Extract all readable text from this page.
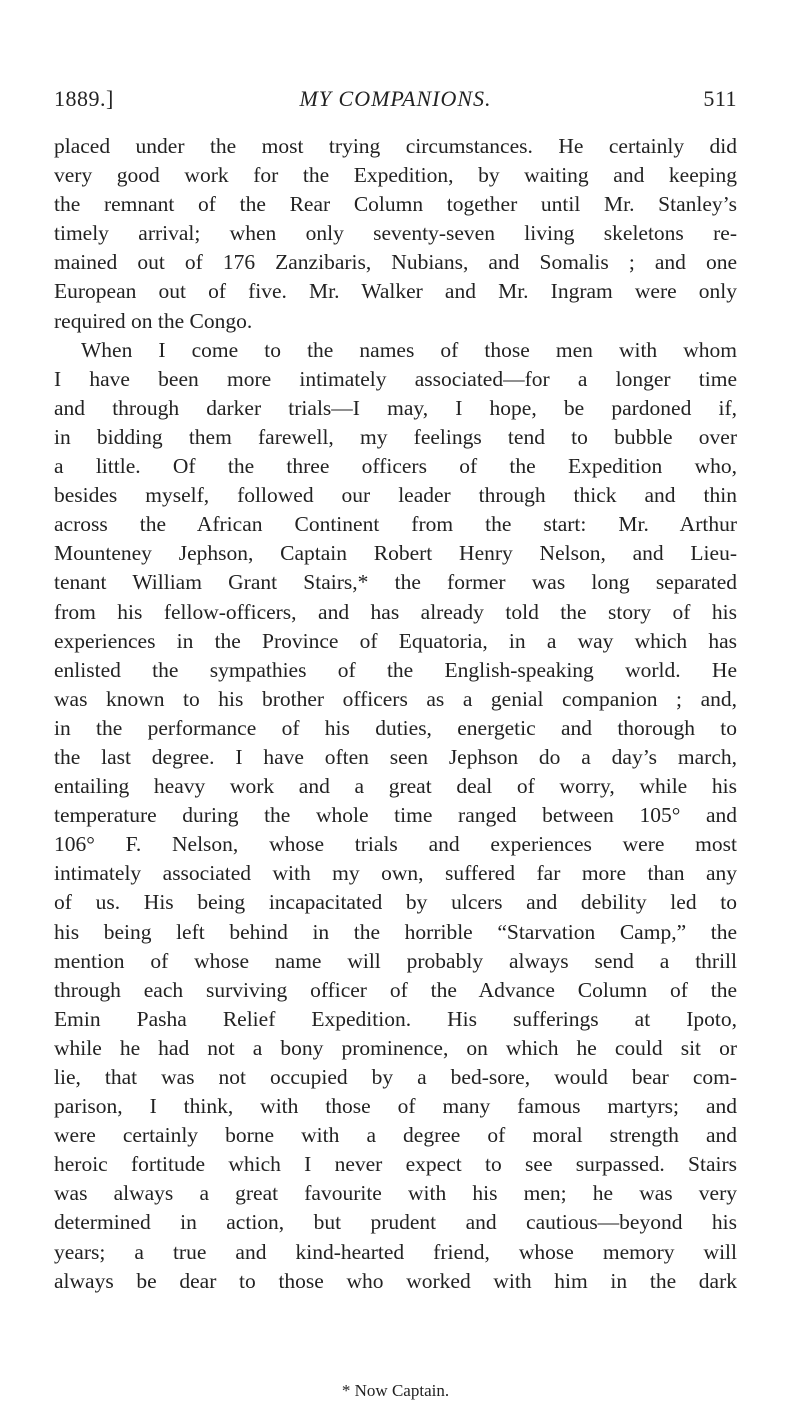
1889.]	MY COMPANIONS.	511
placed under the most trying circumstances. He certainly did
very good work for the Expedition, by waiting and keeping
the remnant of the Rear Column together until Mr. Stanley’s
timely arrival; when only seventy-seven living skeletons re-
mained out of 176 Zanzibaris, Nubians, and Somalis ; and one
European out of five. Mr. Walker and Mr. Ingram were only
required on the Congo.
When I come to the names of those men with whom
I have been more intimately associated—for a longer time
and through darker trials—I may, I hope, be pardoned if,
in bidding them farewell, my feelings tend to bubble over
a little. Of the three officers of the Expedition who,
besides myself, followed our leader through thick and thin
across the African Continent from the start: Mr. Arthur
Mounteney Jephson, Captain Robert Henry Nelson, and Lieu-
tenant William Grant Stairs,* the former was long separated
from his fellow-officers, and has already told the story of his
experiences in the Province of Equatoria, in a way which has
enlisted the sympathies of the English-speaking world. He
was known to his brother officers as a genial companion ; and,
in the performance of his duties, energetic and thorough to
the last degree. I have often seen Jephson do a day’s march,
entailing heavy work and a great deal of worry, while his
temperature during the whole time ranged between 105° and
106° F. Nelson, whose trials and experiences were most
intimately associated with my own, suffered far more than any
of us. His being incapacitated by ulcers and debility led to
his being left behind in the horrible “Starvation Camp,” the
mention of whose name will probably always send a thrill
through each surviving officer of the Advance Column of the
Emin Pasha Relief Expedition. His sufferings at Ipoto,
while he had not a bony prominence, on which he could sit or
lie, that was not occupied by a bed-sore, would bear com-
parison, I think, with those of many famous martyrs; and
were certainly borne with a degree of moral strength and
heroic fortitude which I never expect to see surpassed. Stairs
was always a great favourite with his men; he was very
determined in action, but prudent and cautious—beyond his
years; a true and kind-hearted friend, whose memory will
always be dear to those who worked with him in the dark
* Now Captain.
